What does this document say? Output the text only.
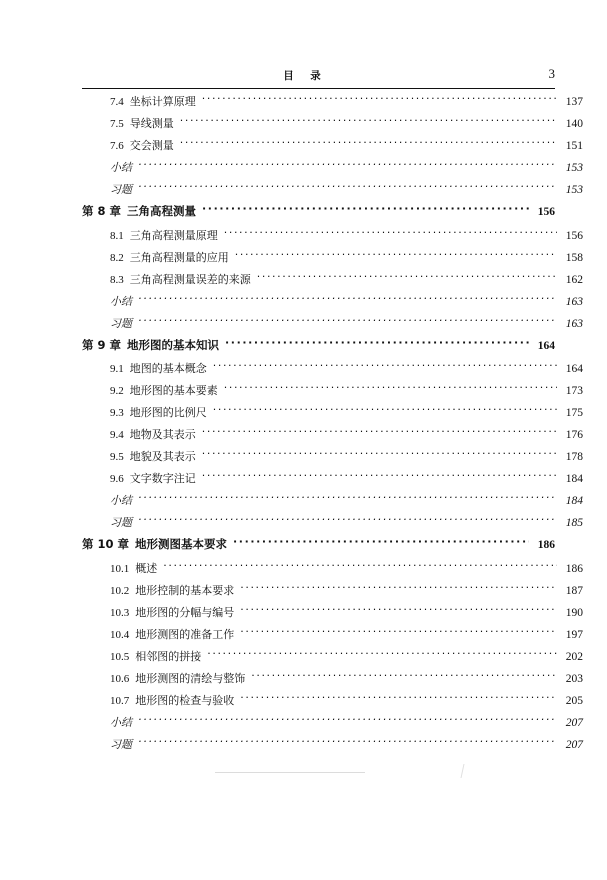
目　录	3
7.4 坐标计算原理 ·····	137
7.5 导线测量 ·····	140
7.6 交会测量 ·····	151
小结 ·····	153
习题 ·····	153
第 8 章 三角高程测量 ·····	156
8.1 三角高程测量原理 ·····	156
8.2 三角高程测量的应用 ·····	158
8.3 三角高程测量误差的来源 ·····	162
小结 ·····	163
习题 ·····	163
第 9 章 地形图的基本知识 ·····	164
9.1 地图的基本概念 ·····	164
9.2 地形图的基本要素 ·····	173
9.3 地形图的比例尺 ·····	175
9.4 地物及其表示 ·····	176
9.5 地貌及其表示 ·····	178
9.6 文字数字注记 ·····	184
小结 ·····	184
习题 ·····	185
第 10 章 地形测图基本要求 ·····	186
10.1 概述 ·····	186
10.2 地形控制的基本要求 ·····	187
10.3 地形图的分幅与编号 ·····	190
10.4 地形测图的准备工作 ·····	197
10.5 相邻图的拼接 ·····	202
10.6 地形测图的清绘与整饰 ·····	203
10.7 地形图的检查与验收 ·····	205
小结 ·····	207
习题 ·····	207
